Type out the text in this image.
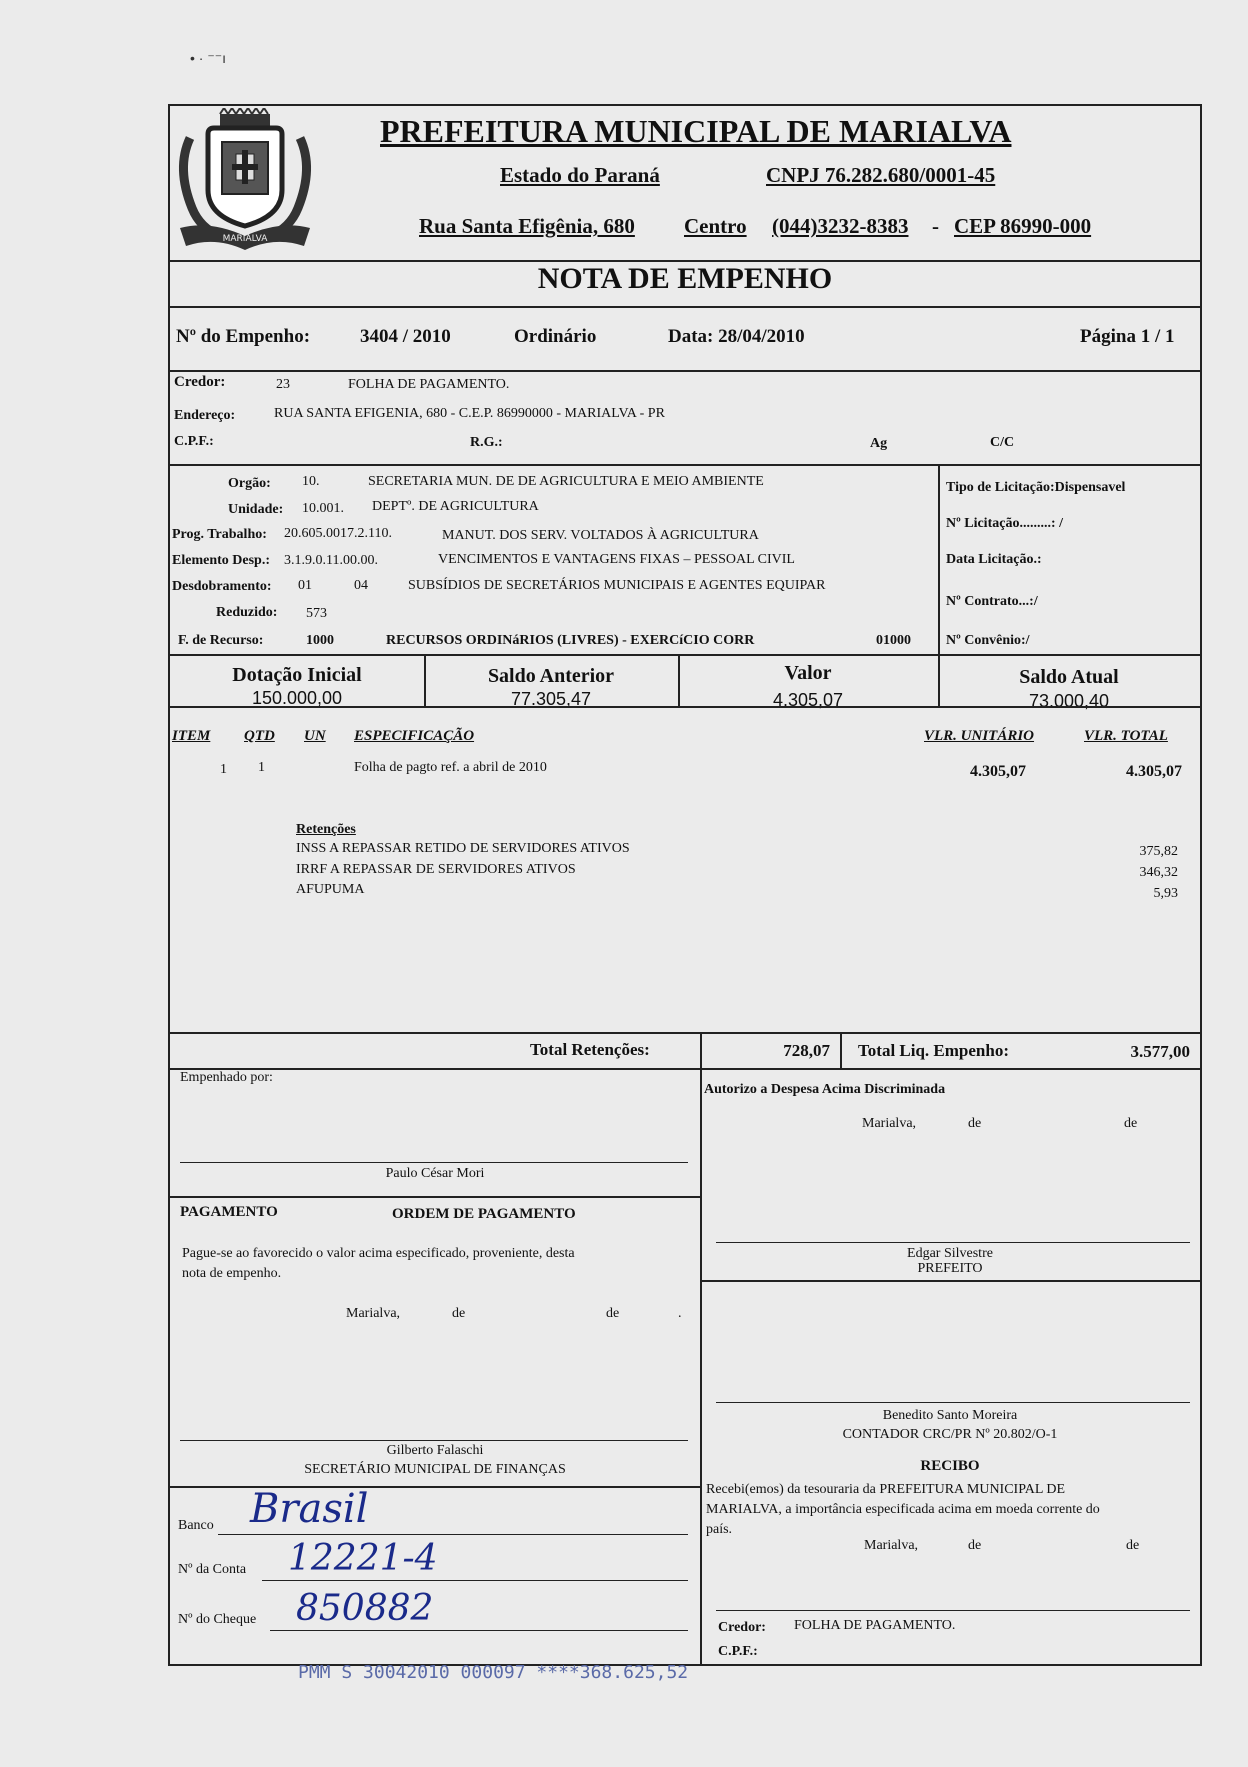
• · ⁻⁻ı
MARIALVA
PREFEITURA MUNICIPAL DE MARIALVA
Estado do Paraná	CNPJ 76.282.680/0001-45
Rua Santa Efigênia, 680 Centro (044)3232-8383 - CEP 86990-000
NOTA DE EMPENHO
Nº do Empenho:	3404 / 2010	Ordinário	Data: 28/04/2010	Página 1 / 1
Credor:	23	FOLHA DE PAGAMENTO.
Endereço:	RUA SANTA EFIGENIA, 680 - C.E.P. 86990000 - MARIALVA - PR
C.P.F.:	R.G.:	Ag	C/C
Orgão: 10.	SECRETARIA MUN. DE DE AGRICULTURA E MEIO AMBIENTE
Unidade: 10.001. DEPTº. DE AGRICULTURA
Prog. Trabalho: 20.605.0017.2.110.	MANUT. DOS SERV. VOLTADOS À AGRICULTURA
Elemento Desp.: 3.1.9.0.11.00.00.	VENCIMENTOS E VANTAGENS FIXAS – PESSOAL CIVIL
Desdobramento: 01	04	SUBSÍDIOS DE SECRETÁRIOS MUNICIPAIS E AGENTES EQUIPAR
Reduzido: 573
F. de Recurso:	1000	RECURSOS ORDINáRIOS (LIVRES) - EXERCíCIO CORR	01000
Tipo de Licitação:Dispensavel
Nº Licitação.........: /
Data Licitação.:
Nº Contrato...:/
Nº Convênio:/
Dotação Inicial
150.000,00
Saldo Anterior
77.305,47
Valor
4.305,07
Saldo Atual
73.000,40
ITEM QTD UN ESPECIFICAÇÃO	VLR. UNITÁRIO	VLR. TOTAL
1 1	Folha de pagto ref. a abril de 2010	4.305,07	4.305,07
Retenções
INSS A REPASSAR RETIDO DE SERVIDORES ATIVOS	375,82
IRRF A REPASSAR DE SERVIDORES ATIVOS	346,32
AFUPUMA	5,93
Total Retenções:	728,07 Total Liq. Empenho:	3.577,00
Empenhado por:
Paulo César Mori
PAGAMENTO	ORDEM DE PAGAMENTO
Pague-se ao favorecido o valor acima especificado, proveniente, desta
nota de empenho.
Marialva,	de	de	.
Gilberto Falaschi
SECRETÁRIO MUNICIPAL DE FINANÇAS
Banco Brasil
Nº da Conta 12221-4
Nº do Cheque 850882
Autorizo a Despesa Acima Discriminada
Marialva,	de	de
Edgar Silvestre
PREFEITO
Benedito Santo Moreira
CONTADOR CRC/PR Nº 20.802/O-1
RECIBO
Recebi(emos) da tesouraria da PREFEITURA MUNICIPAL DE
MARIALVA, a importância especificada acima em moeda corrente do
país.
Marialva,	de	de
Credor: FOLHA DE PAGAMENTO.
C.P.F.:
PMM S 30042010 000097 ****368.625,52
